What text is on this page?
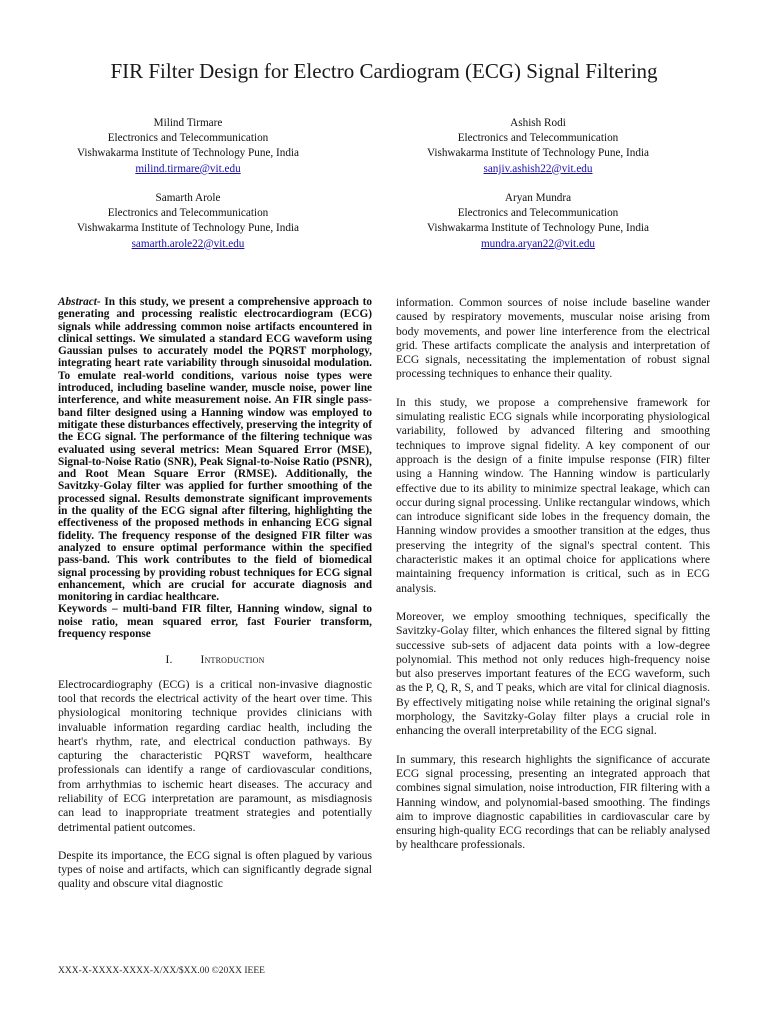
FIR Filter Design for Electro Cardiogram (ECG) Signal Filtering
Milind Tirmare
Electronics and Telecommunication
Vishwakarma Institute of Technology Pune, India
milind.tirmare@vit.edu
Ashish Rodi
Electronics and Telecommunication
Vishwakarma Institute of Technology Pune, India
sanjiv.ashish22@vit.edu
Samarth Arole
Electronics and Telecommunication
Vishwakarma Institute of Technology Pune, India
samarth.arole22@vit.edu
Aryan Mundra
Electronics and Telecommunication
Vishwakarma Institute of Technology Pune, India
mundra.aryan22@vit.edu

Abstract- In this study, we present a comprehensive approach to generating and processing realistic electrocardiogram (ECG) signals while addressing common noise artifacts encountered in clinical settings. We simulated a standard ECG waveform using Gaussian pulses to accurately model the PQRST morphology, integrating heart rate variability through sinusoidal modulation. To emulate real-world conditions, various noise types were introduced, including baseline wander, muscle noise, power line interference, and white measurement noise. An FIR single pass-band filter designed using a Hanning window was employed to mitigate these disturbances effectively, preserving the integrity of the ECG signal. The performance of the filtering technique was evaluated using several metrics: Mean Squared Error (MSE), Signal-to-Noise Ratio (SNR), Peak Signal-to-Noise Ratio (PSNR), and Root Mean Square Error (RMSE). Additionally, the Savitzky-Golay filter was applied for further smoothing of the processed signal. Results demonstrate significant improvements in the quality of the ECG signal after filtering, highlighting the effectiveness of the proposed methods in enhancing ECG signal fidelity. The frequency response of the designed FIR filter was analyzed to ensure optimal performance within the specified pass-band. This work contributes to the field of biomedical signal processing by providing robust techniques for ECG signal enhancement, which are crucial for accurate diagnosis and monitoring in cardiac healthcare.

Keywords – multi-band FIR filter, Hanning window, signal to noise ratio, mean squared error, fast Fourier transform, frequency response

I. Introduction

Electrocardiography (ECG) is a critical non-invasive diagnostic tool that records the electrical activity of the heart over time. This physiological monitoring technique provides clinicians with invaluable information regarding cardiac health, including the heart's rhythm, rate, and electrical conduction pathways. By capturing the characteristic PQRST waveform, healthcare professionals can identify a range of cardiovascular conditions, from arrhythmias to ischemic heart diseases. The accuracy and reliability of ECG interpretation are paramount, as misdiagnosis can lead to inappropriate treatment strategies and potentially detrimental patient outcomes.

Despite its importance, the ECG signal is often plagued by various types of noise and artifacts, which can significantly degrade signal quality and obscure vital diagnostic

information. Common sources of noise include baseline wander caused by respiratory movements, muscular noise arising from body movements, and power line interference from the electrical grid. These artifacts complicate the analysis and interpretation of ECG signals, necessitating the implementation of robust signal processing techniques to enhance their quality.

In this study, we propose a comprehensive framework for simulating realistic ECG signals while incorporating physiological variability, followed by advanced filtering and smoothing techniques to improve signal fidelity. A key component of our approach is the design of a finite impulse response (FIR) filter using a Hanning window. The Hanning window is particularly effective due to its ability to minimize spectral leakage, which can occur during signal processing. Unlike rectangular windows, which can introduce significant side lobes in the frequency domain, the Hanning window provides a smoother transition at the edges, thus preserving the integrity of the signal's spectral content. This characteristic makes it an optimal choice for applications where maintaining frequency information is critical, such as in ECG analysis.

Moreover, we employ smoothing techniques, specifically the Savitzky-Golay filter, which enhances the filtered signal by fitting successive sub-sets of adjacent data points with a low-degree polynomial. This method not only reduces high-frequency noise but also preserves important features of the ECG waveform, such as the P, Q, R, S, and T peaks, which are vital for clinical diagnosis. By effectively mitigating noise while retaining the original signal's morphology, the Savitzky-Golay filter plays a crucial role in enhancing the overall interpretability of the ECG signal.

In summary, this research highlights the significance of accurate ECG signal processing, presenting an integrated approach that combines signal simulation, noise introduction, FIR filtering with a Hanning window, and polynomial-based smoothing. The findings aim to improve diagnostic capabilities in cardiovascular care by ensuring high-quality ECG recordings that can be reliably analysed by healthcare professionals.

XXX-X-XXXX-XXXX-X/XX/$XX.00 ©20XX IEEE
